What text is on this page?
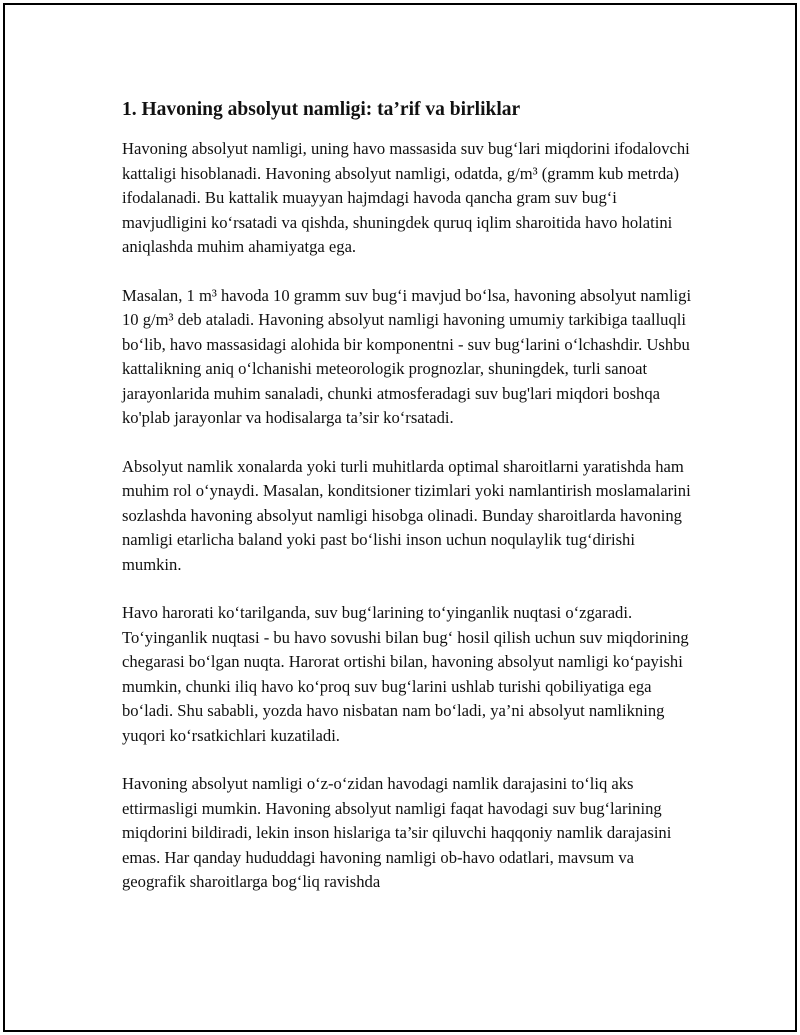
1. Havoning absolyut namligi: ta’rif va birliklar

Havoning absolyut namligi, uning havo massasida suv bug‘lari miqdorini ifodalovchi kattaligi hisoblanadi. Havoning absolyut namligi, odatda, g/m³ (gramm kub metrda) ifodalanadi. Bu kattalik muayyan hajmdagi havoda qancha gram suv bug‘i mavjudligini ko‘rsatadi va qishda, shuningdek quruq iqlim sharoitida havo holatini aniqlashda muhim ahamiyatga ega.

Masalan, 1 m³ havoda 10 gramm suv bug‘i mavjud bo‘lsa, havoning absolyut namligi 10 g/m³ deb ataladi. Havoning absolyut namligi havoning umumiy tarkibiga taalluqli bo‘lib, havo massasidagi alohida bir komponentni - suv bug‘larini o‘lchashdir. Ushbu kattalikning aniq o‘lchanishi meteorologik prognozlar, shuningdek, turli sanoat jarayonlarida muhim sanaladi, chunki atmosferadagi suv bug'lari miqdori boshqa ko'plab jarayonlar va hodisalarga ta’sir ko‘rsatadi.

Absolyut namlik xonalarda yoki turli muhitlarda optimal sharoitlarni yaratishda ham muhim rol o‘ynaydi. Masalan, konditsioner tizimlari yoki namlantirish moslamalarini sozlashda havoning absolyut namligi hisobga olinadi. Bunday sharoitlarda havoning namligi etarlicha baland yoki past bo‘lishi inson uchun noqulaylik tug‘dirishi mumkin.

Havo harorati ko‘tarilganda, suv bug‘larining to‘yinganlik nuqtasi o‘zgaradi. To‘yinganlik nuqtasi - bu havo sovushi bilan bug‘ hosil qilish uchun suv miqdorining chegarasi bo‘lgan nuqta. Harorat ortishi bilan, havoning absolyut namligi ko‘payishi mumkin, chunki iliq havo ko‘proq suv bug‘larini ushlab turishi qobiliyatiga ega bo‘ladi. Shu sababli, yozda havo nisbatan nam bo‘ladi, ya’ni absolyut namlikning yuqori ko‘rsatkichlari kuzatiladi.

Havoning absolyut namligi o‘z-o‘zidan havodagi namlik darajasini to‘liq aks ettirmasligi mumkin. Havoning absolyut namligi faqat havodagi suv bug‘larining miqdorini bildiradi, lekin inson hislariga ta’sir qiluvchi haqqoniy namlik darajasini emas. Har qanday hududdagi havoning namligi ob-havo odatlari, mavsum va geografik sharoitlarga bog‘liq ravishda
